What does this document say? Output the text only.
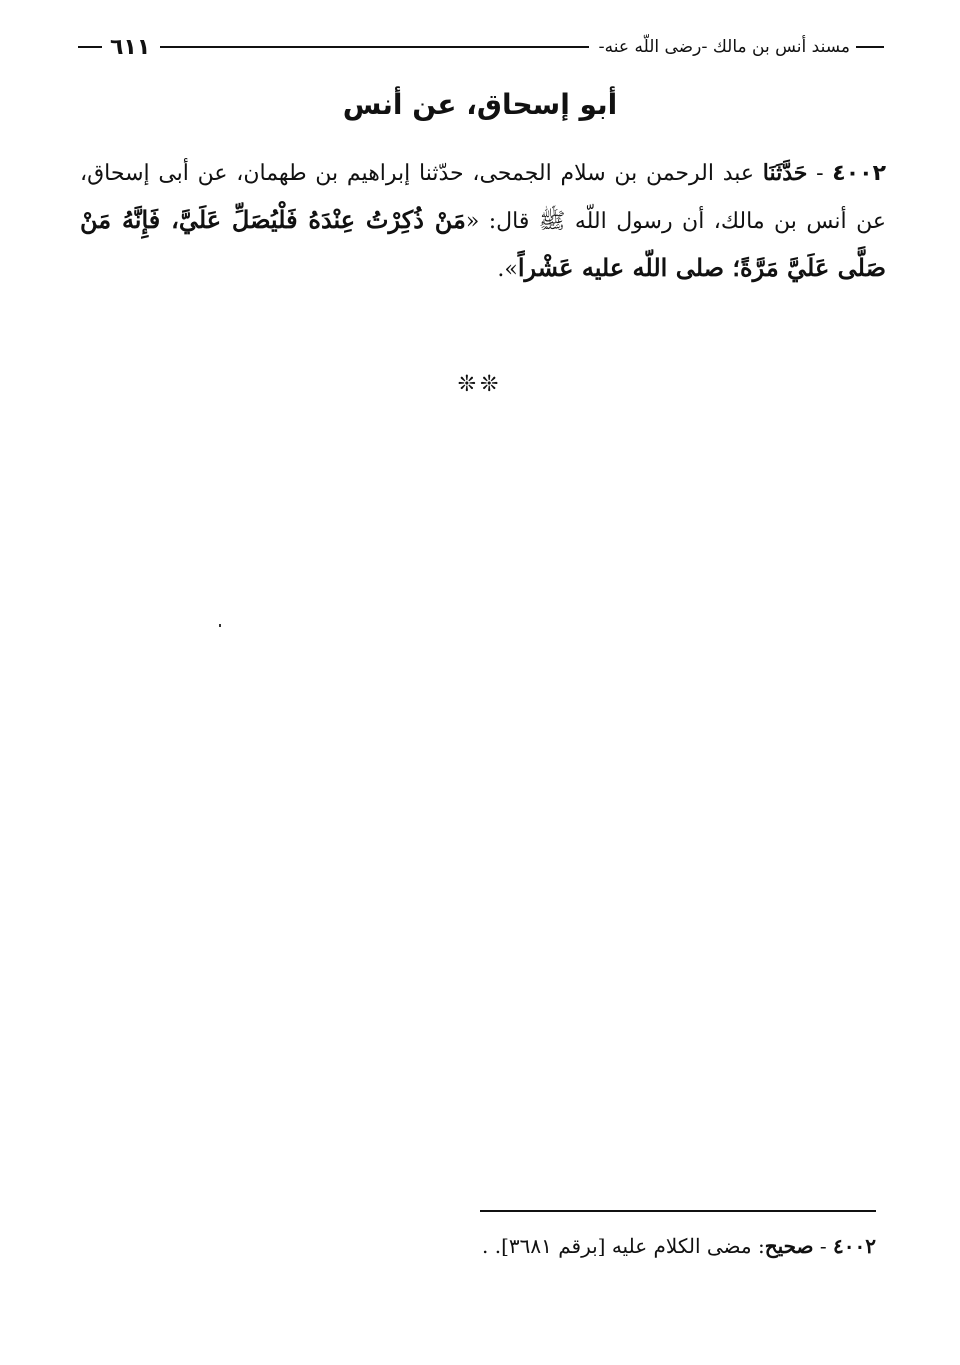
مسند أنس بن مالك -رضى اللّه عنه-
٦١١
أبو إسحاق، عن أنس
٤٠٠٢ - حَدَّثَنَا عبد الرحمن بن سلام الجمحى، حدّثنا إبراهيم بن طهمان، عن أبى إسحاق، عن أنس بن مالك، أن رسول اللّه ﷺ قال: «مَنْ ذُكِرْتُ عِنْدَهُ فَلْيُصَلِّ عَلَيَّ، فَإِنَّهُ مَنْ صَلَّى عَلَيَّ مَرَّةً؛ صلى اللّه عليه عَشْراً».
❊❊
٤٠٠٢ - صحيح: مضى الكلام عليه [برقم ٣٦٨١]. .
